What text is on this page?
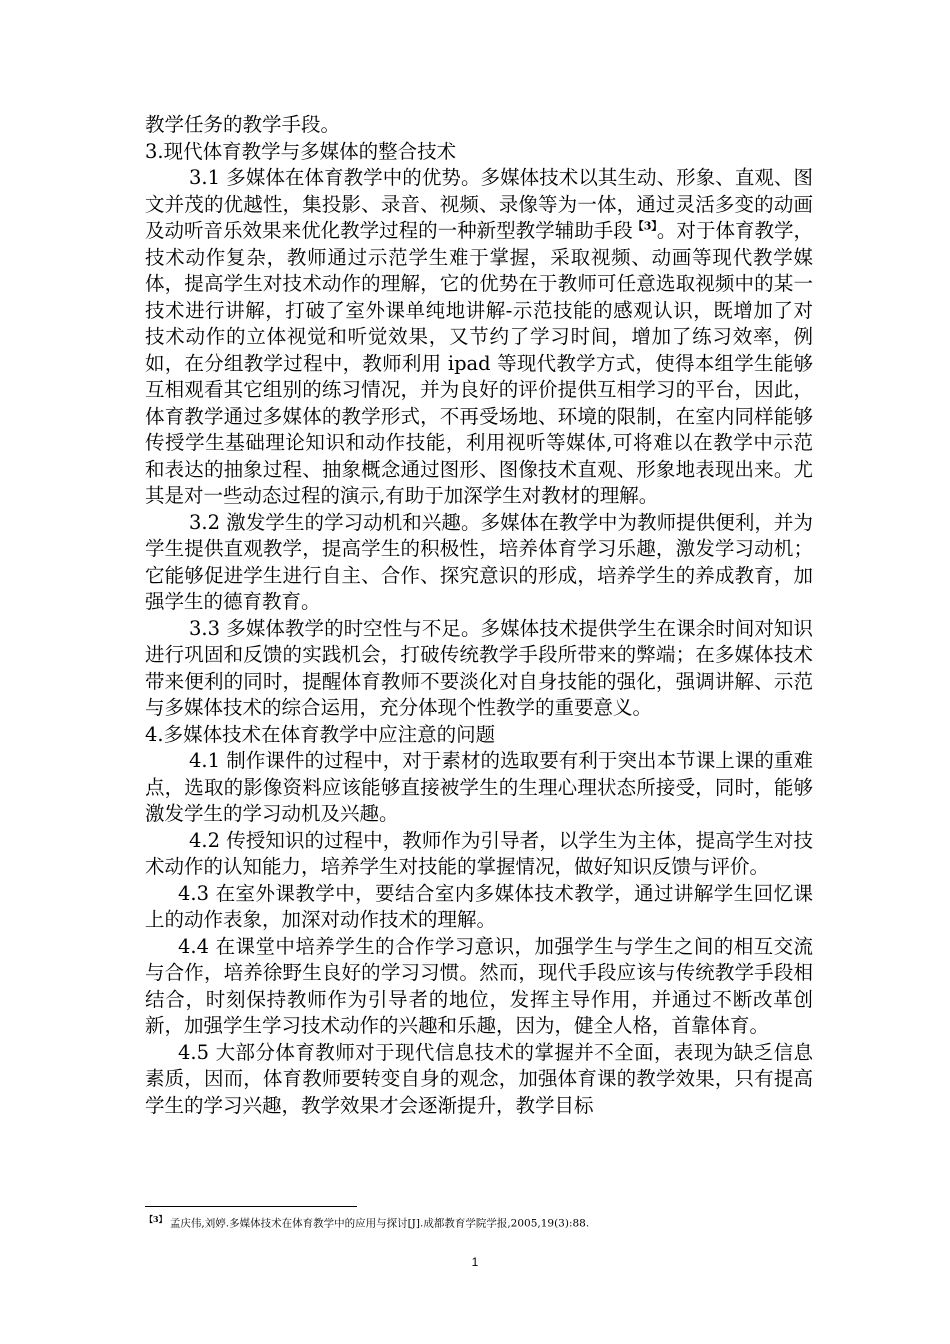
教学任务的教学手段。

3.现代体育教学与多媒体的整合技术

3.1 多媒体在体育教学中的优势。多媒体技术以其生动、形象、直观、图文并茂的优越性，集投影、录音、视频、录像等为一体，通过灵活多变的动画及动听音乐效果来优化教学过程的一种新型教学辅助手段$^{【3】}$。对于体育教学，技术动作复杂，教师通过示范学生难于掌握，采取视频、动画等现代教学媒体，提高学生对技术动作的理解，它的优势在于教师可任意选取视频中的某一技术进行讲解，打破了室外课单纯地讲解-示范技能的感观认识，既增加了对技术动作的立体视觉和听觉效果，又节约了学习时间，增加了练习效率，例如，在分组教学过程中，教师利用 ipad 等现代教学方式，使得本组学生能够互相观看其它组别的练习情况，并为良好的评价提供互相学习的平台，因此，体育教学通过多媒体的教学形式，不再受场地、环境的限制，在室内同样能够传授学生基础理论知识和动作技能，利用视听等媒体,可将难以在教学中示范和表达的抽象过程、抽象概念通过图形、图像技术直观、形象地表现出来。尤其是对一些动态过程的演示,有助于加深学生对教材的理解。

3.2 激发学生的学习动机和兴趣。多媒体在教学中为教师提供便利，并为学生提供直观教学，提高学生的积极性，培养体育学习乐趣，激发学习动机；它能够促进学生进行自主、合作、探究意识的形成，培养学生的养成教育，加强学生的德育教育。

3.3 多媒体教学的时空性与不足。多媒体技术提供学生在课余时间对知识进行巩固和反馈的实践机会，打破传统教学手段所带来的弊端；在多媒体技术带来便利的同时，提醒体育教师不要淡化对自身技能的强化，强调讲解、示范与多媒体技术的综合运用，充分体现个性教学的重要意义。

4.多媒体技术在体育教学中应注意的问题

4.1 制作课件的过程中，对于素材的选取要有利于突出本节课上课的重难点，选取的影像资料应该能够直接被学生的生理心理状态所接受，同时，能够激发学生的学习动机及兴趣。

4.2 传授知识的过程中，教师作为引导者，以学生为主体，提高学生对技术动作的认知能力，培养学生对技能的掌握情况，做好知识反馈与评价。

4.3 在室外课教学中，要结合室内多媒体技术教学，通过讲解学生回忆课上的动作表象，加深对动作技术的理解。

4.4 在课堂中培养学生的合作学习意识，加强学生与学生之间的相互交流与合作，培养徐野生良好的学习习惯。然而，现代手段应该与传统教学手段相结合，时刻保持教师作为引导者的地位，发挥主导作用，并通过不断改革创新，加强学生学习技术动作的兴趣和乐趣，因为，健全人格，首靠体育。

4.5 大部分体育教师对于现代信息技术的掌握并不全面，表现为缺乏信息素质，因而，体育教师要转变自身的观念，加强体育课的教学效果，只有提高学生的学习兴趣，教学效果才会逐渐提升，教学目标

$^{【3】}$ 孟庆伟,刘婷.多媒体技术在体育教学中的应用与探讨[J].成都教育学院学报,2005,19(3):88.
1
